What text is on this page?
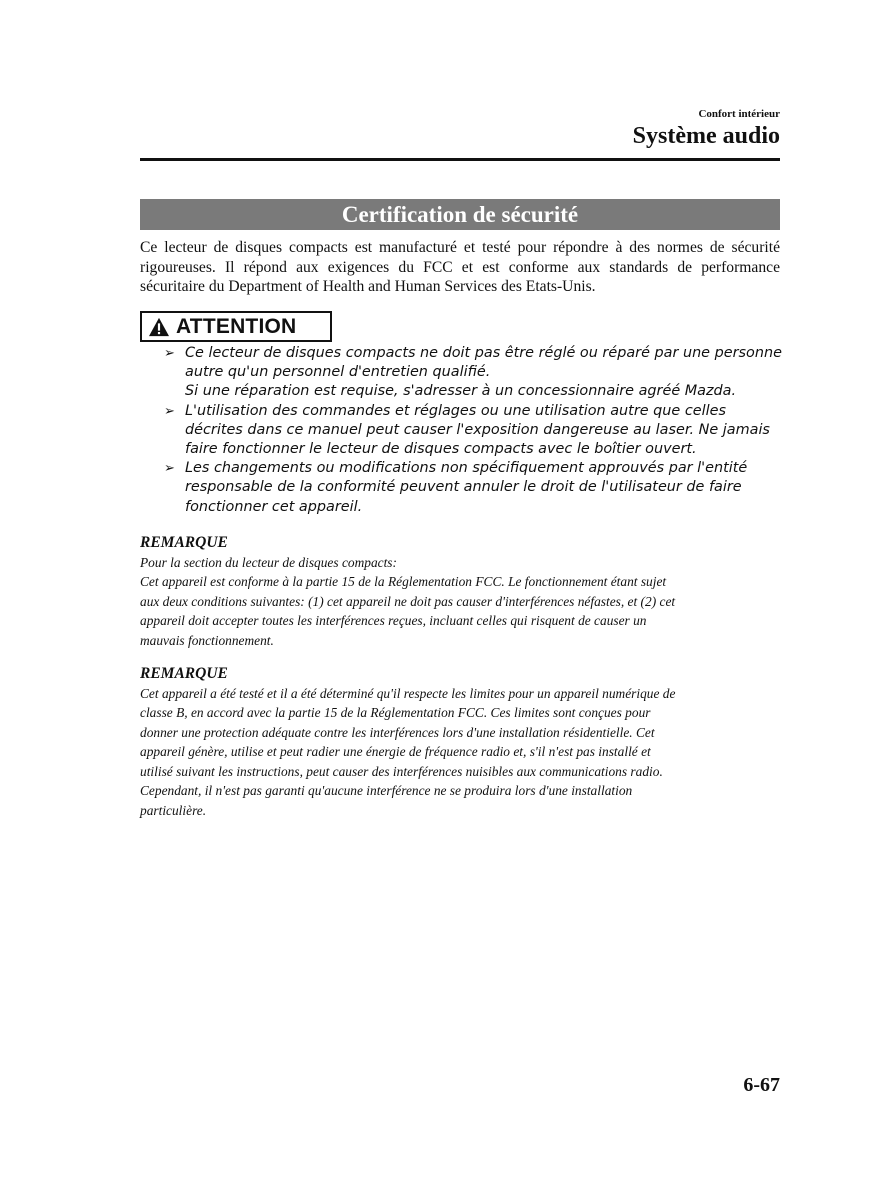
Confort intérieur
Système audio
Certification de sécurité
Ce lecteur de disques compacts est manufacturé et testé pour répondre à des normes de sécurité rigoureuses. Il répond aux exigences du FCC et est conforme aux standards de performance sécuritaire du Department of Health and Human Services des Etats-Unis.
ATTENTION
➢ Ce lecteur de disques compacts ne doit pas être réglé ou réparé par une personne
autre qu'un personnel d'entretien qualifié.
Si une réparation est requise, s'adresser à un concessionnaire agréé Mazda.
➢ L'utilisation des commandes et réglages ou une utilisation autre que celles
décrites dans ce manuel peut causer l'exposition dangereuse au laser. Ne jamais
faire fonctionner le lecteur de disques compacts avec le boîtier ouvert.
➢ Les changements ou modifications non spécifiquement approuvés par l'entité
responsable de la conformité peuvent annuler le droit de l'utilisateur de faire
fonctionner cet appareil.
REMARQUE
Pour la section du lecteur de disques compacts:
Cet appareil est conforme à la partie 15 de la Réglementation FCC. Le fonctionnement étant sujet
aux deux conditions suivantes: (1) cet appareil ne doit pas causer d'interférences néfastes, et (2) cet
appareil doit accepter toutes les interférences reçues, incluant celles qui risquent de causer un
mauvais fonctionnement.
REMARQUE
Cet appareil a été testé et il a été déterminé qu'il respecte les limites pour un appareil numérique de
classe B, en accord avec la partie 15 de la Réglementation FCC. Ces limites sont conçues pour
donner une protection adéquate contre les interférences lors d'une installation résidentielle. Cet
appareil génère, utilise et peut radier une énergie de fréquence radio et, s'il n'est pas installé et
utilisé suivant les instructions, peut causer des interférences nuisibles aux communications radio.
Cependant, il n'est pas garanti qu'aucune interférence ne se produira lors d'une installation
particulière.
6-67
